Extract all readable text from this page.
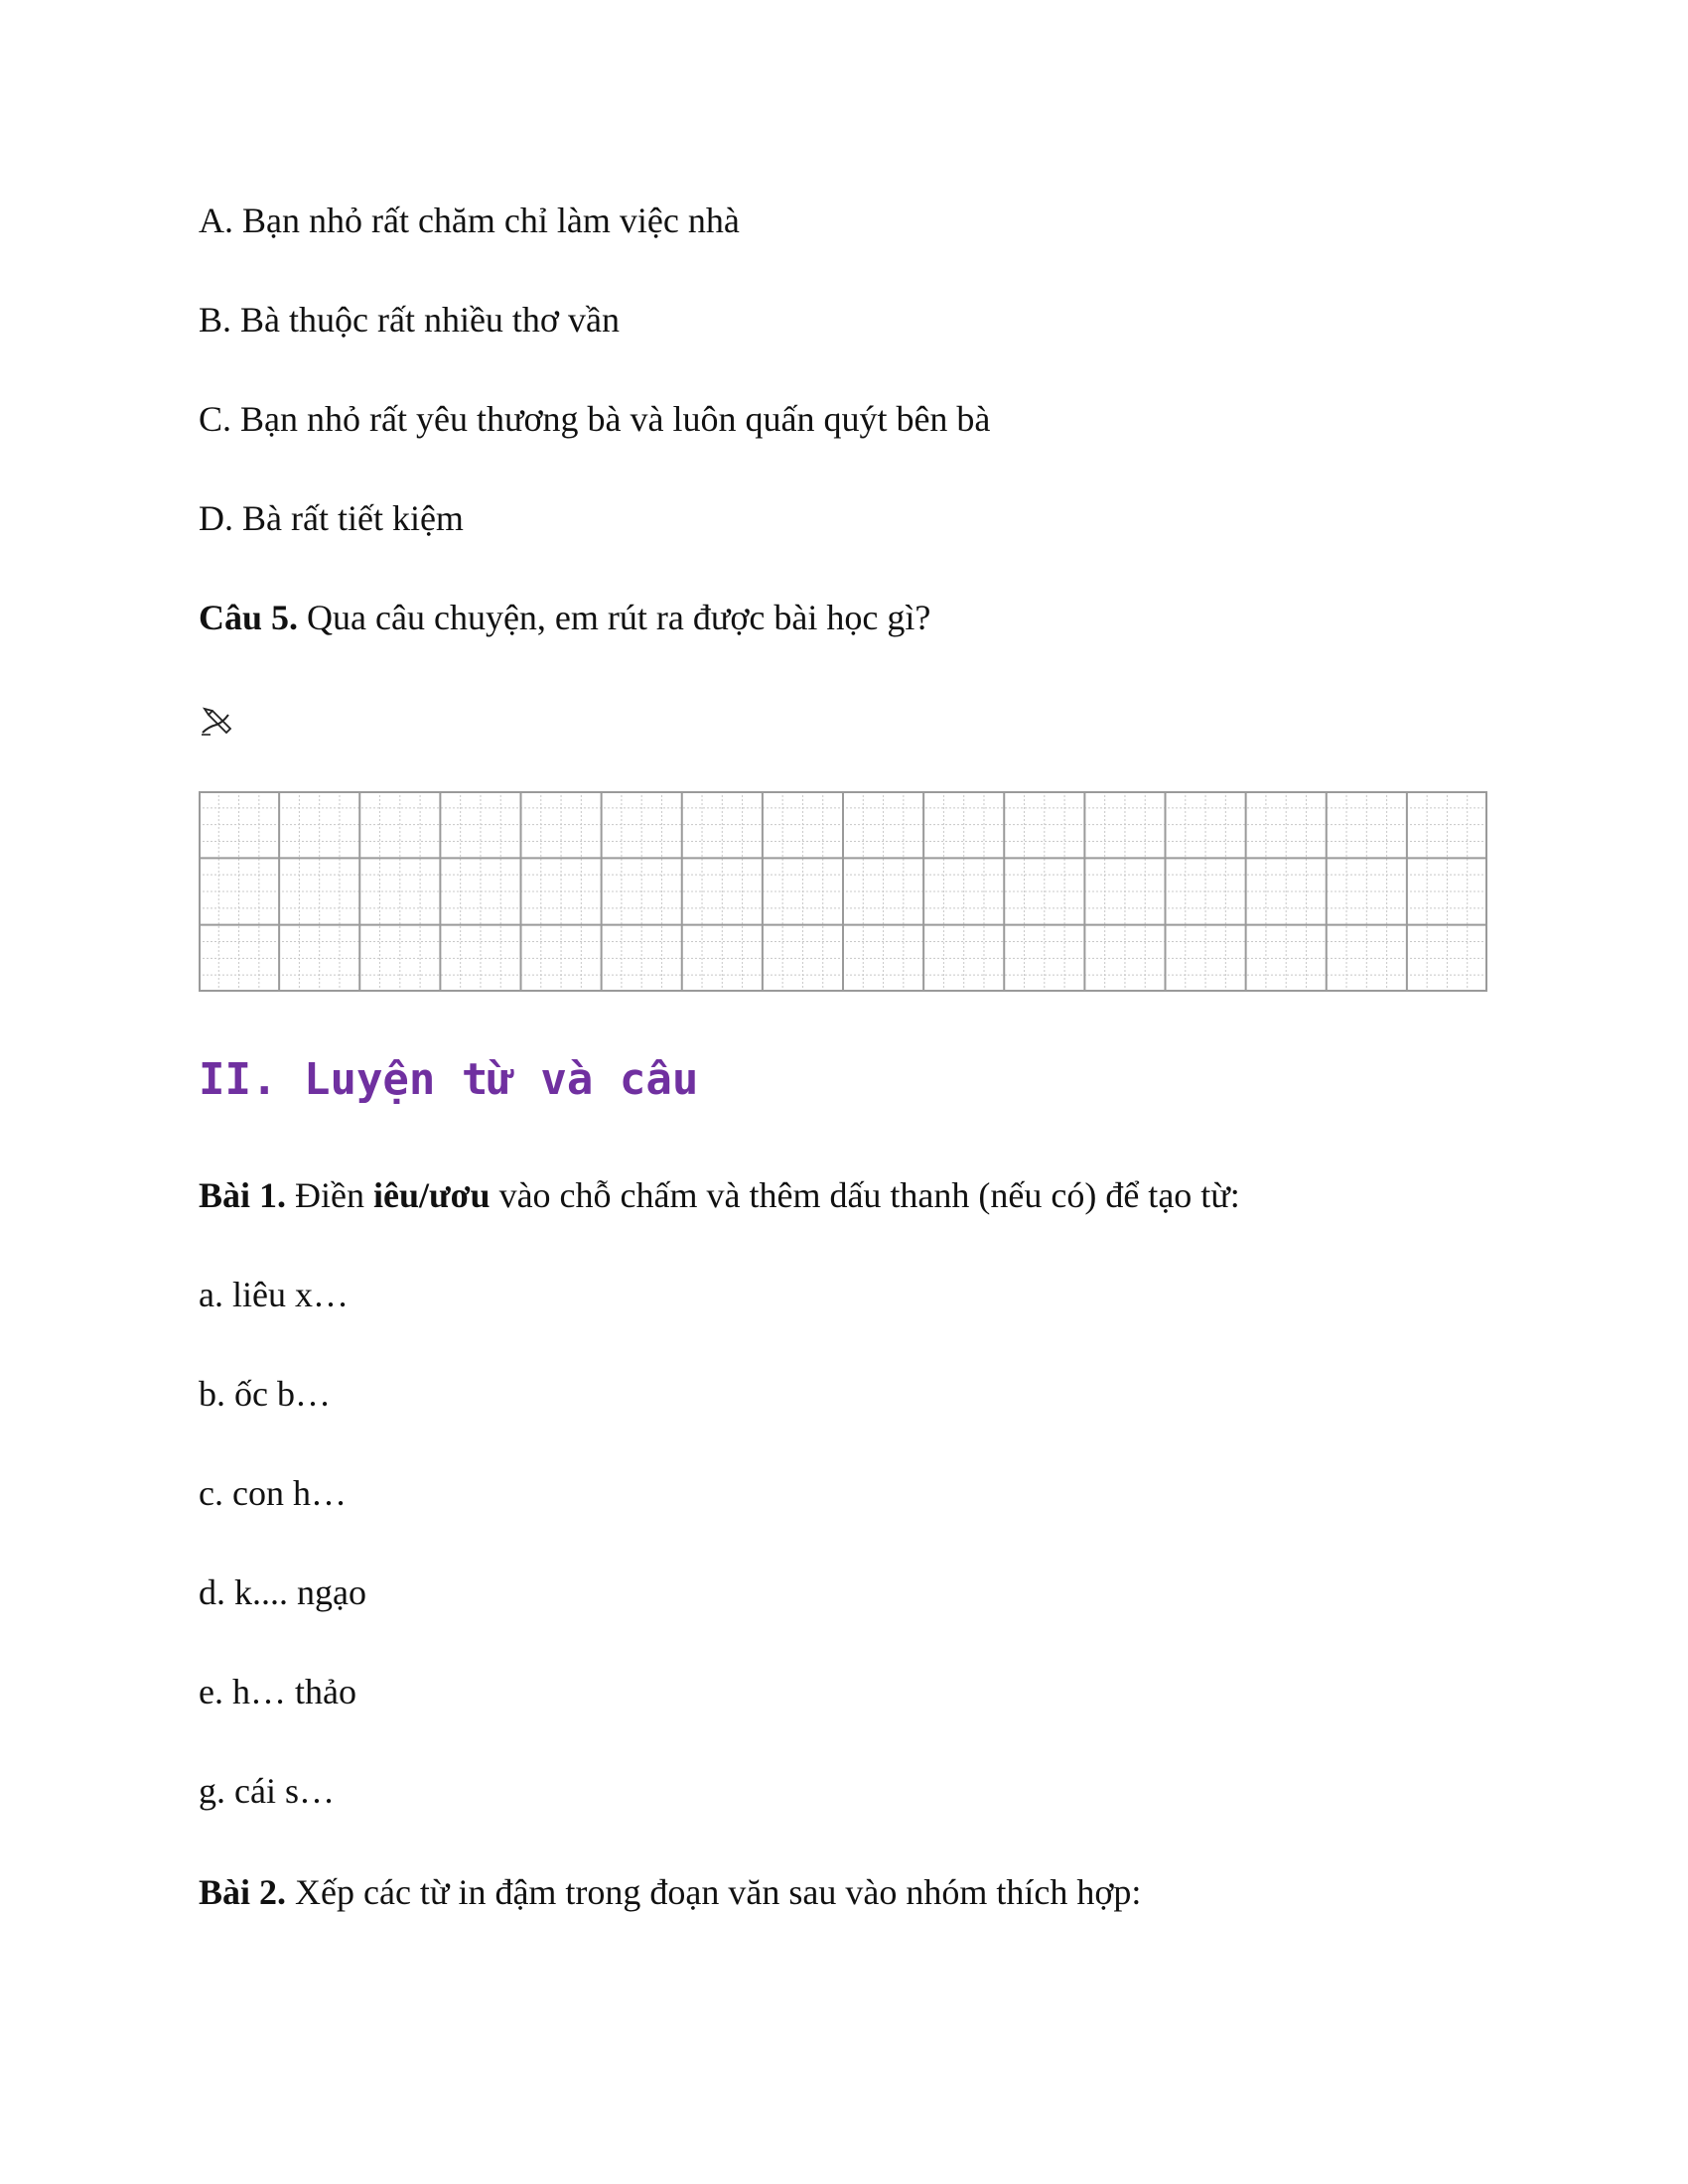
A. Bạn nhỏ rất chăm chỉ làm việc nhà
B. Bà thuộc rất nhiều thơ vần
C. Bạn nhỏ rất yêu thương bà và luôn quấn quýt bên bà
D. Bà rất tiết kiệm
Câu 5. Qua câu chuyện, em rút ra được bài học gì?
II. Luyện từ và câu
Bài 1. Điền iêu/ươu vào chỗ chấm và thêm dấu thanh (nếu có) để tạo từ:
a. liêu x…
b. ốc b…
c. con h…
d. k.... ngạo
e. h… thảo
g. cái s…
Bài 2. Xếp các từ in đậm trong đoạn văn sau vào nhóm thích hợp:
